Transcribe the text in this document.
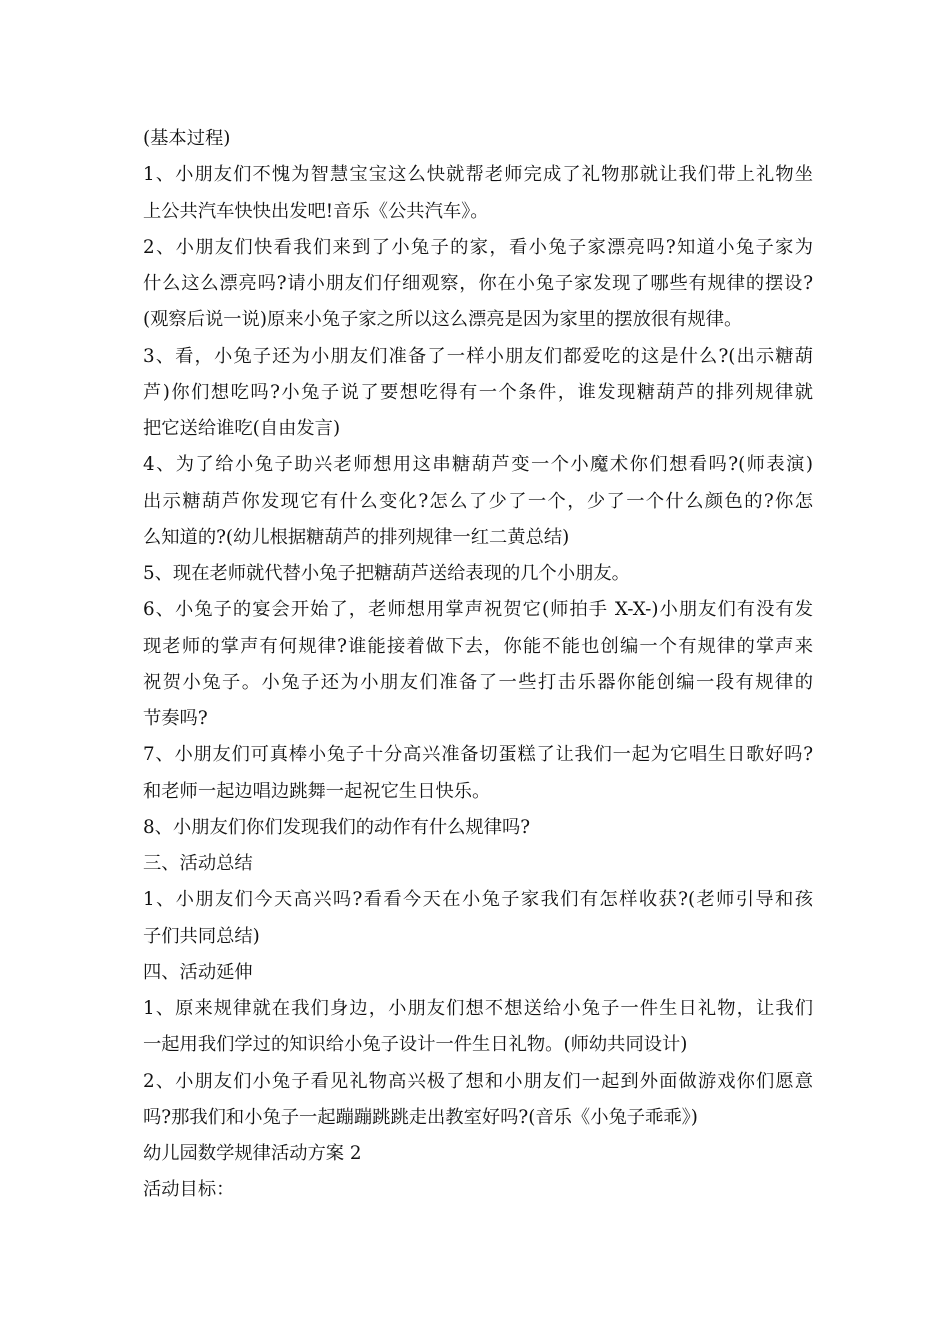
(基本过程)
1、小朋友们不愧为智慧宝宝这么快就帮老师完成了礼物那就让我们带上礼物坐
上公共汽车快快出发吧!音乐《公共汽车》。
2、小朋友们快看我们来到了小兔子的家，看小兔子家漂亮吗?知道小兔子家为
什么这么漂亮吗?请小朋友们仔细观察，你在小兔子家发现了哪些有规律的摆设?
(观察后说一说)原来小兔子家之所以这么漂亮是因为家里的摆放很有规律。
3、看，小兔子还为小朋友们准备了一样小朋友们都爱吃的这是什么?(出示糖葫
芦)你们想吃吗?小兔子说了要想吃得有一个条件，谁发现糖葫芦的排列规律就
把它送给谁吃(自由发言)
4、为了给小兔子助兴老师想用这串糖葫芦变一个小魔术你们想看吗?(师表演)
出示糖葫芦你发现它有什么变化?怎么了少了一个，少了一个什么颜色的?你怎
么知道的?(幼儿根据糖葫芦的排列规律一红二黄总结)
5、现在老师就代替小兔子把糖葫芦送给表现的几个小朋友。
6、小兔子的宴会开始了，老师想用掌声祝贺它(师拍手 X-X-)小朋友们有没有发
现老师的掌声有何规律?谁能接着做下去，你能不能也创编一个有规律的掌声来
祝贺小兔子。小兔子还为小朋友们准备了一些打击乐器你能创编一段有规律的
节奏吗?
7、小朋友们可真棒小兔子十分高兴准备切蛋糕了让我们一起为它唱生日歌好吗?
和老师一起边唱边跳舞一起祝它生日快乐。
8、小朋友们你们发现我们的动作有什么规律吗?
三、活动总结
1、小朋友们今天高兴吗?看看今天在小兔子家我们有怎样收获?(老师引导和孩
子们共同总结)
四、活动延伸
1、原来规律就在我们身边，小朋友们想不想送给小兔子一件生日礼物，让我们
一起用我们学过的知识给小兔子设计一件生日礼物。(师幼共同设计)
2、小朋友们小兔子看见礼物高兴极了想和小朋友们一起到外面做游戏你们愿意
吗?那我们和小兔子一起蹦蹦跳跳走出教室好吗?(音乐《小兔子乖乖》)
幼儿园数学规律活动方案 2
活动目标：
